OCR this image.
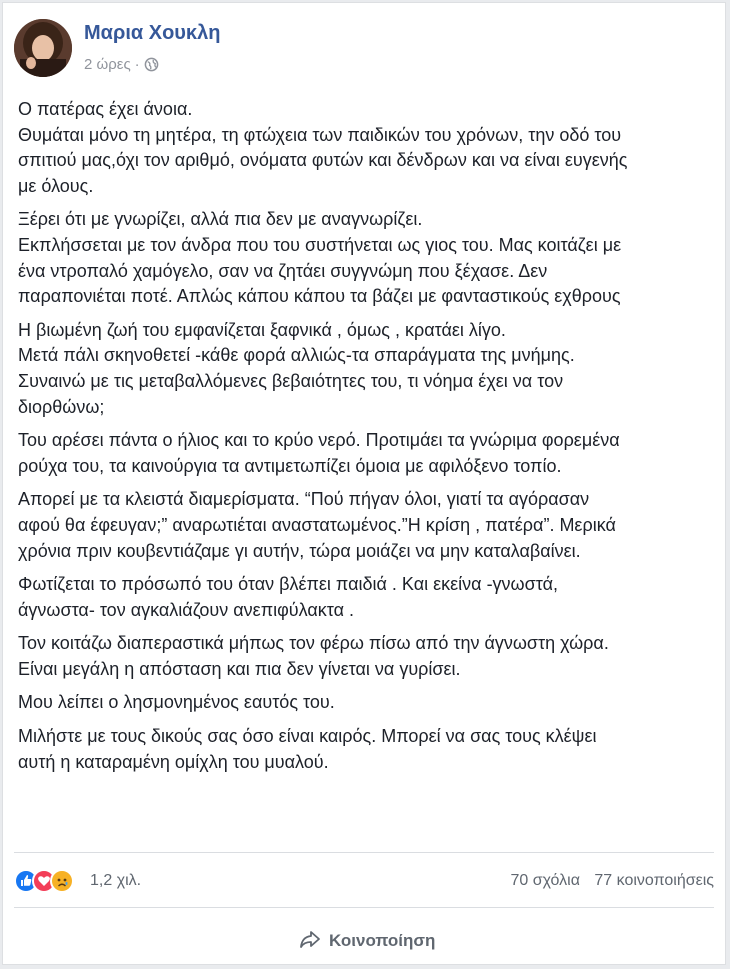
Μαρια Χουκλη
2 ώρες ·
Ο πατέρας έχει άνοια.
Θυμάται μόνο τη μητέρα, τη φτώχεια των παιδικών του χρόνων, την οδό του
σπιτιού μας,όχι τον αριθμό, ονόματα φυτών και δένδρων και να είναι ευγενής
με όλους.
Ξέρει ότι με γνωρίζει, αλλά πια δεν με αναγνωρίζει.
Εκπλήσσεται με τον άνδρα που του συστήνεται ως γιος του. Μας κοιτάζει με
ένα ντροπαλό χαμόγελο, σαν να ζητάει συγγνώμη που ξέχασε. Δεν
παραπονιέται ποτέ. Απλώς κάπου κάπου τα βάζει με φανταστικούς εχθρους
Η βιωμένη ζωή του εμφανίζεται ξαφνικά , όμως , κρατάει λίγο.
Μετά πάλι σκηνοθετεί -κάθε φορά αλλιώς-τα σπαράγματα της μνήμης.
Συναινώ με τις μεταβαλλόμενες βεβαιότητες του, τι νόημα έχει να τον
διορθώνω;
Του αρέσει πάντα ο ήλιος και το κρύο νερό. Προτιμάει τα γνώριμα φορεμένα
ρούχα του, τα καινούργια τα αντιμετωπίζει όμοια με αφιλόξενο τοπίο.
Απορεί με τα κλειστά διαμερίσματα. “Πού πήγαν όλοι, γιατί τα αγόρασαν
αφού θα έφευγαν;” αναρωτιέται αναστατωμένος.”Η κρίση , πατέρα”. Μερικά
χρόνια πριν κουβεντιάζαμε γι αυτήν, τώρα μοιάζει να μην καταλαβαίνει.
Φωτίζεται το πρόσωπό του όταν βλέπει παιδιά . Και εκείνα -γνωστά,
άγνωστα- τον αγκαλιάζουν ανεπιφύλακτα .
Τον κοιτάζω διαπεραστικά μήπως τον φέρω πίσω από την άγνωστη χώρα.
Είναι μεγάλη η απόσταση και πια δεν γίνεται να γυρίσει.
Μου λείπει ο λησμονημένος εαυτός του.
Μιλήστε με τους δικούς σας όσο είναι καιρός. Μπορεί να σας τους κλέψει
αυτή η καταραμένη ομίχλη του μυαλού.
1,2 χιλ.	70 σχόλια 77 κοινοποιήσεις
Κοινοποίηση
